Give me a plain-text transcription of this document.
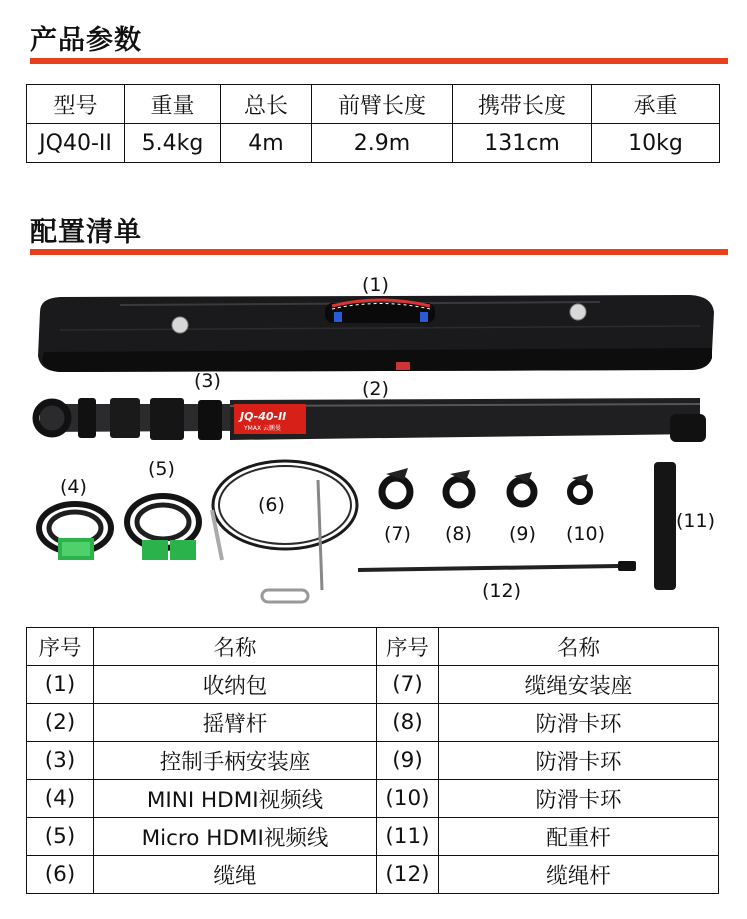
产品参数
型号	重量	总长	前臂长度	携带长度	承重
JQ40-II	5.4kg	4m	2.9m	131cm	10kg
配置清单
JQ-40-II
YMAX 云鹏曼
(1)
(2)
(3)
(4)
(5)
(6)
(7) (8) (9) (10)
(11)
(12)
序号	名称	序号	名称
(1)	收纳包	(7)	缆绳安装座
(2)	摇臂杆	(8)	防滑卡环
(3)	控制手柄安装座	(9)	防滑卡环
(4)	MINI HDMI视频线	(10)	防滑卡环
(5)	Micro HDMI视频线	(11)	配重杆
(6)	缆绳	(12)	缆绳杆
